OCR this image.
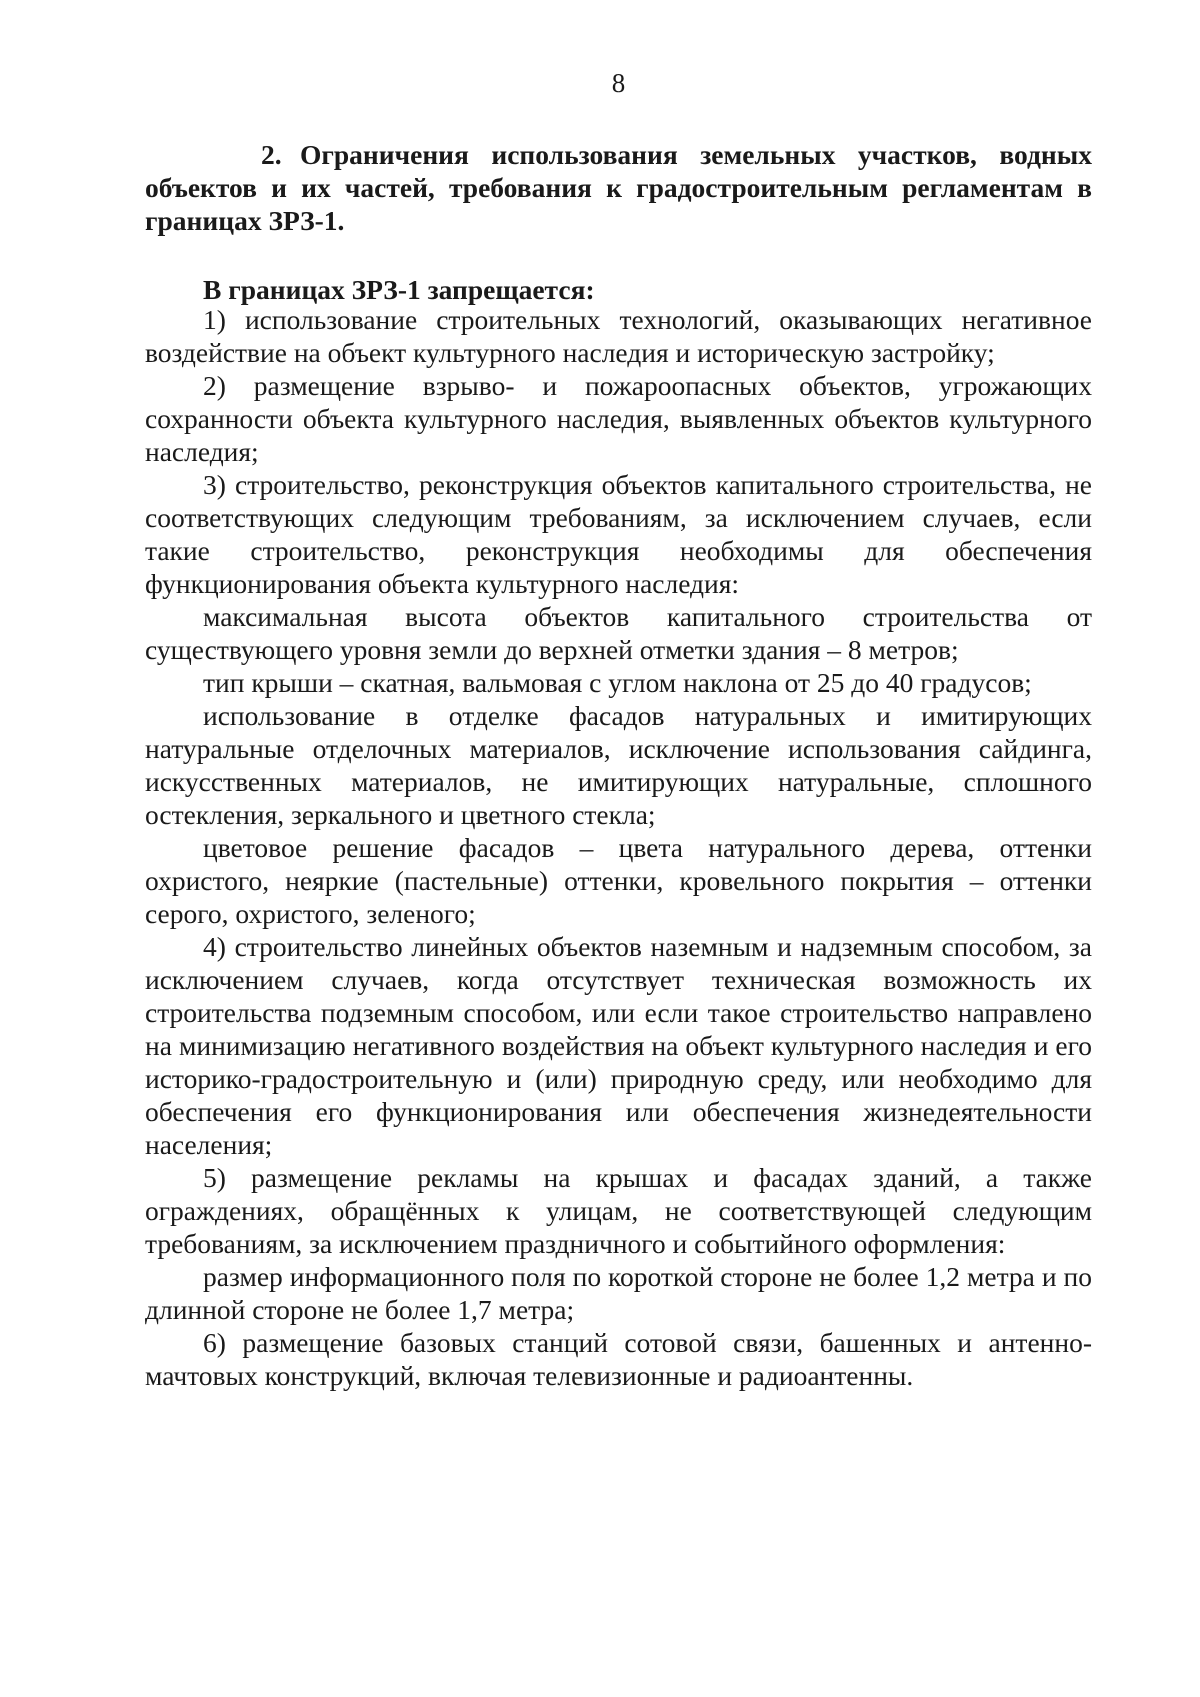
8
2. Ограничения использования земельных участков, водных объектов и их частей, требования к градостроительным регламентам в границах ЗРЗ-1.

В границах ЗРЗ-1 запрещается:

1) использование строительных технологий, оказывающих негативное воздействие на объект культурного наследия и историческую застройку;

2) размещение взрыво- и пожароопасных объектов, угрожающих сохранности объекта культурного наследия, выявленных объектов культурного наследия;

3) строительство, реконструкция объектов капитального строительства, не соответствующих следующим требованиям, за исключением случаев, если такие строительство, реконструкция необходимы для обеспечения функционирования объекта культурного наследия:

максимальная высота объектов капитального строительства от существующего уровня земли до верхней отметки здания – 8 метров;

тип крыши – скатная, вальмовая с углом наклона от 25 до 40 градусов;

использование в отделке фасадов натуральных и имитирующих натуральные отделочных материалов, исключение использования сайдинга, искусственных материалов, не имитирующих натуральные, сплошного остекления, зеркального и цветного стекла;

цветовое решение фасадов – цвета натурального дерева, оттенки охристого, неяркие (пастельные) оттенки, кровельного покрытия – оттенки серого, охристого, зеленого;

4) строительство линейных объектов наземным и надземным способом, за исключением случаев, когда отсутствует техническая возможность их строительства подземным способом, или если такое строительство направлено на минимизацию негативного воздействия на объект культурного наследия и его историко-градостроительную и (или) природную среду, или необходимо для обеспечения его функционирования или обеспечения жизнедеятельности населения;

5) размещение рекламы на крышах и фасадах зданий, а также ограждениях, обращённых к улицам, не соответствующей следующим требованиям, за исключением праздничного и событийного оформления:

размер информационного поля по короткой стороне не более 1,2 метра и по длинной стороне не более 1,7 метра;

6) размещение базовых станций сотовой связи, башенных и антенно-мачтовых конструкций, включая телевизионные и радиоантенны.
